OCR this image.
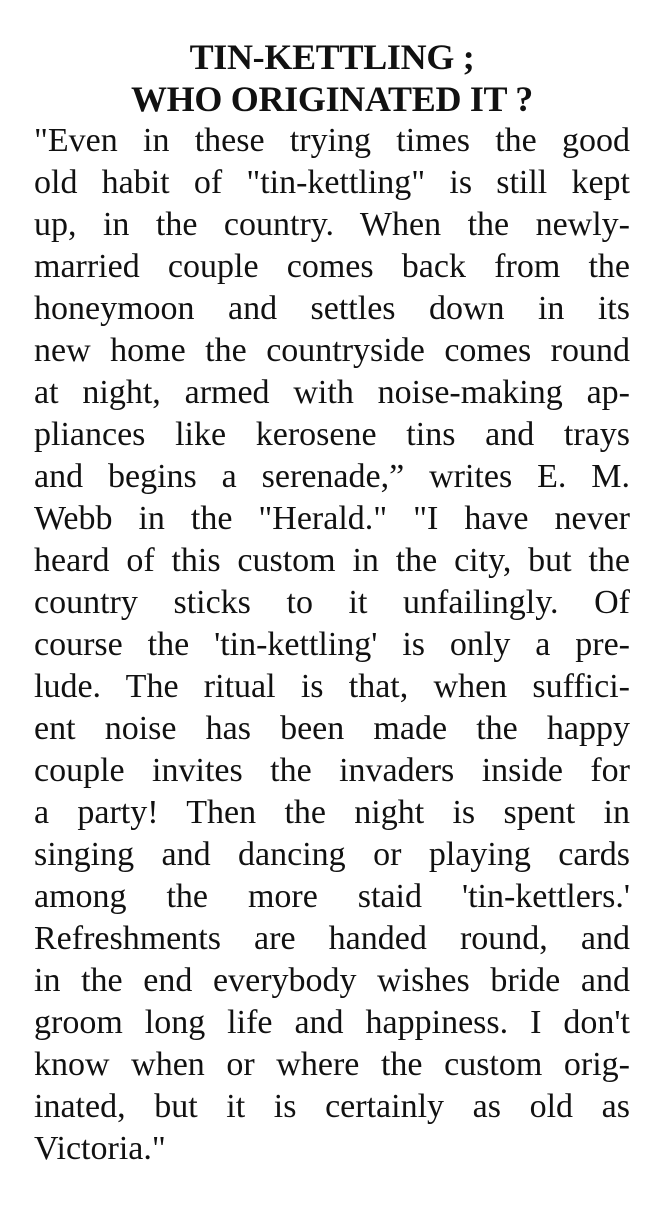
TIN-KETTLING ;
WHO ORIGINATED IT ?
"Even in these trying times the good
old habit of "tin-kettling" is still kept
up, in the country. When the newly-
married couple comes back from the
honeymoon and settles down in its
new home the countryside comes round
at night, armed with noise-making ap-
pliances like kerosene tins and trays
and begins a serenade,” writes E. M.
Webb in the "Herald." "I have never
heard of this custom in the city, but the
country sticks to it unfailingly. Of
course the 'tin-kettling' is only a pre-
lude. The ritual is that, when suffici-
ent noise has been made the happy
couple invites the invaders inside for
a party! Then the night is spent in
singing and dancing or playing cards
among the more staid 'tin-kettlers.'
Refreshments are handed round, and
in the end everybody wishes bride and
groom long life and happiness. I don't
know when or where the custom orig-
inated, but it is certainly as old as
Victoria."
